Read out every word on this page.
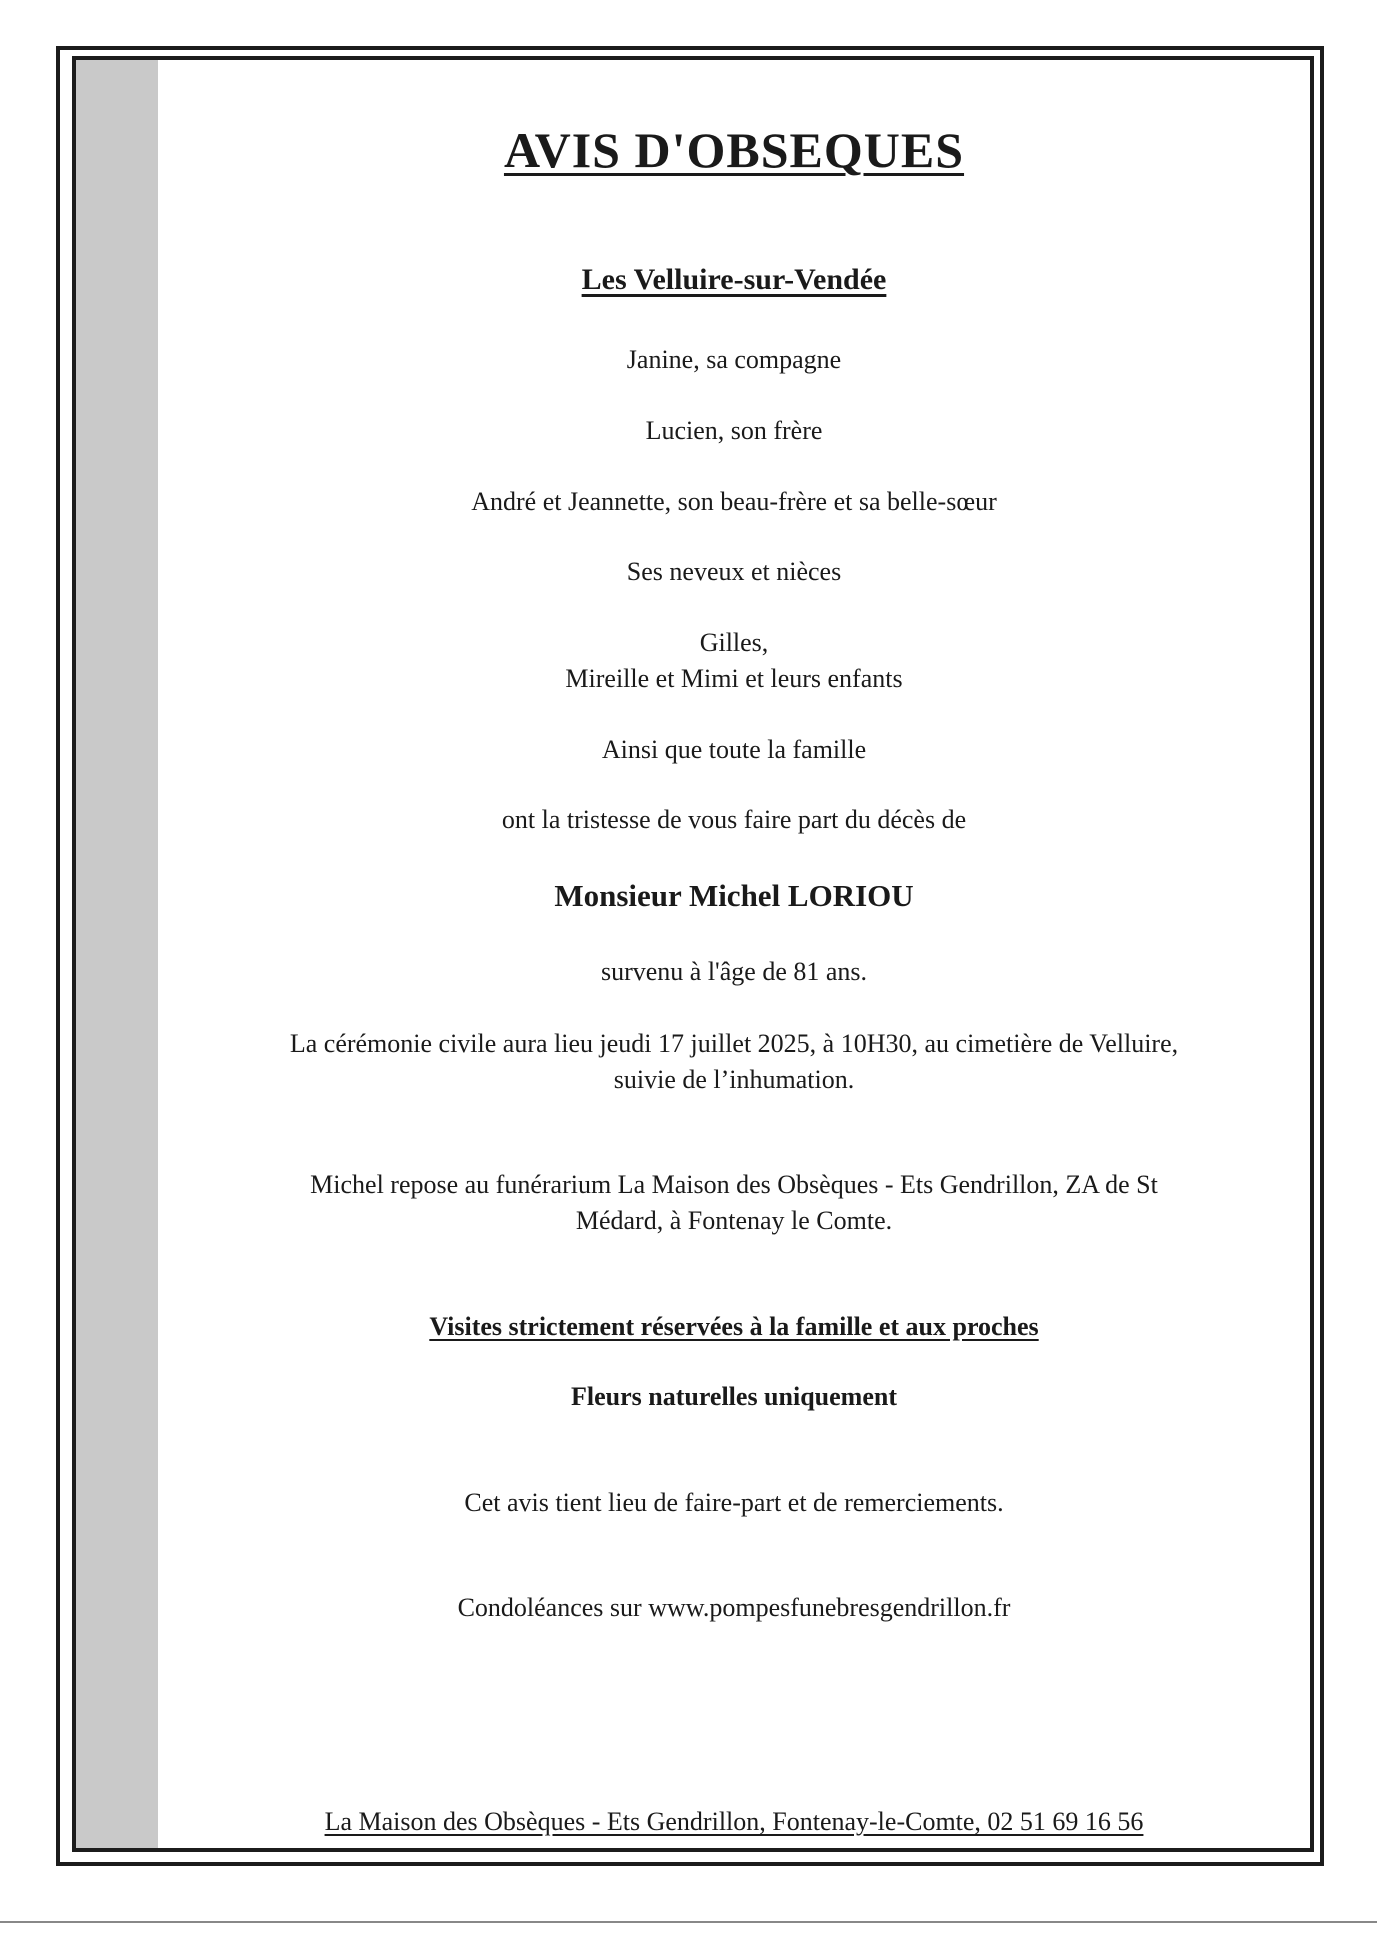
AVIS D'OBSEQUES
Les Velluire-sur-Vendée
Janine, sa compagne
Lucien, son frère
André et Jeannette, son beau-frère et sa belle-sœur
Ses neveux et nièces
Gilles,
Mireille et Mimi et leurs enfants
Ainsi que toute la famille
ont la tristesse de vous faire part du décès de
Monsieur Michel LORIOU
survenu à l'âge de 81 ans.
La cérémonie civile aura lieu jeudi 17 juillet 2025, à 10H30, au cimetière de Velluire,
suivie de l’inhumation.
Michel repose au funérarium La Maison des Obsèques - Ets Gendrillon, ZA de St
Médard, à Fontenay le Comte.
Visites strictement réservées à la famille et aux proches
Fleurs naturelles uniquement
Cet avis tient lieu de faire-part et de remerciements.
Condoléances sur www.pompesfunebresgendrillon.fr
La Maison des Obsèques - Ets Gendrillon, Fontenay-le-Comte, 02 51 69 16 56
